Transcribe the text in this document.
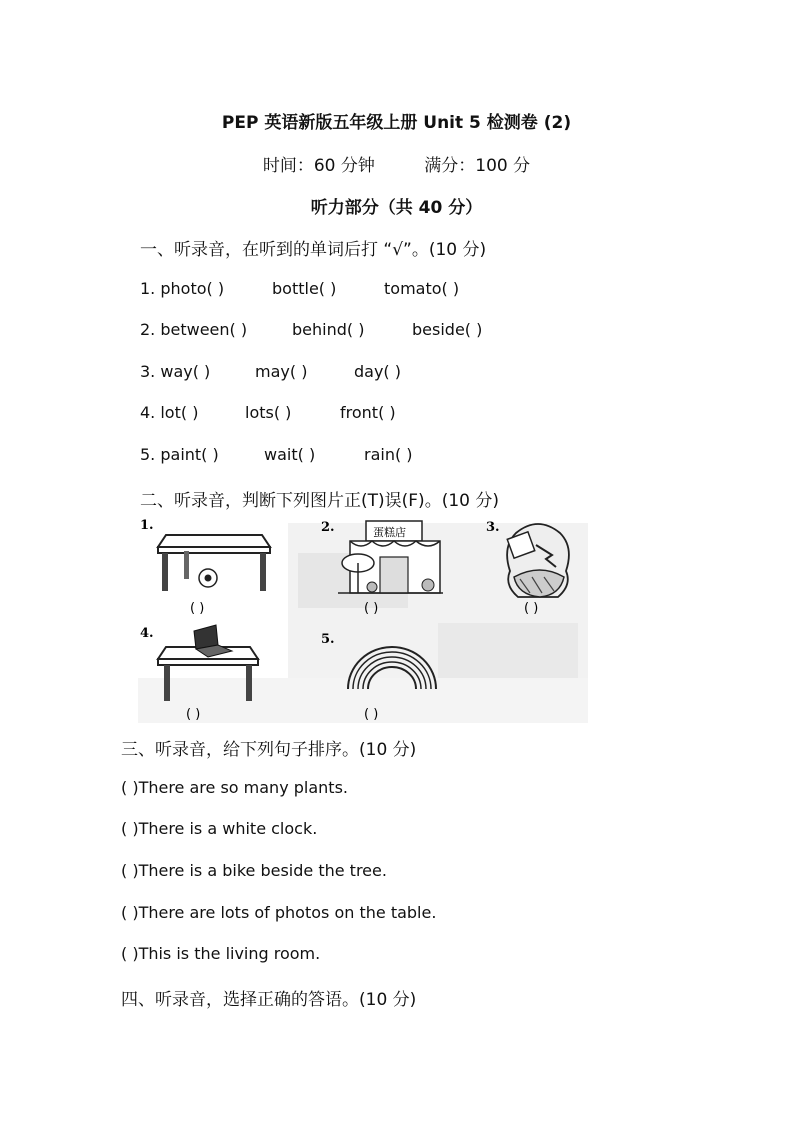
PEP 英语新版五年级上册 Unit 5 检测卷 (2)
时间：60 分钟	满分：100 分
听力部分（共 40 分）
一、听录音，在听到的单词后打 “√”。(10 分)
1. photo( )	bottle( )	tomato( )
2. between( )	behind( )	beside( )
3. way( )	may( )	day( )
4. lot( )	lots( )	front( )
5. paint( )	wait( )	rain( )
二、听录音，判断下列图片正(T)误(F)。(10 分)
1.	2.	3.
4.	5.
( )
蛋糕店
( )	( )
( )	( )
三、听录音，给下列句子排序。(10 分)
( )There are so many plants.
( )There is a white clock.
( )There is a bike beside the tree.
( )There are lots of photos on the table.
( )This is the living room.
四、听录音，选择正确的答语。(10 分)
